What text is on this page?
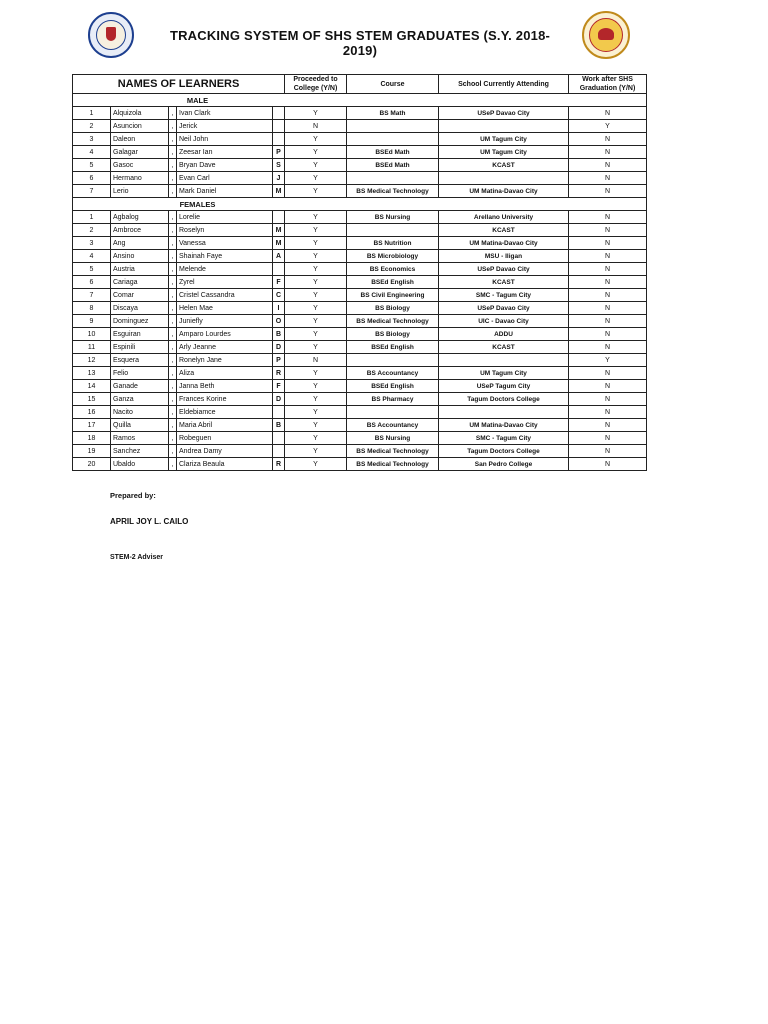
TRACKING SYSTEM OF SHS STEM GRADUATES (S.Y. 2018-2019)
NAMES OF LEARNERS					Proceeded to College (Y/N)	Course	School Currently Attending	Work after SHS Graduation (Y/N)
	MALE							
1	Alquizola	,	Ivan Clark		Y	BS Math	USeP Davao City	N
2	Asuncion	,	Jerick		N			Y
3	Daleon	,	Neil John		Y		UM Tagum City	N
4	Galagar	,	Zeesar Ian	P	Y	BSEd Math	UM Tagum City	N
5	Gasoc	,	Bryan Dave	S	Y	BSEd Math	KCAST	N
6	Hermano	,	Evan Carl	J	Y			N
7	Lerio	,	Mark Daniel	M	Y	BS Medical Technology	UM Matina-Davao City	N
	FEMALES							
1	Agbalog	,	Lorelie		Y	BS Nursing	Arellano University	N
2	Ambroce	,	Roselyn	M	Y		KCAST	N
3	Ang	,	Vanessa	M	Y	BS Nutrition	UM Matina-Davao City	N
4	Ansino	,	Shainah Faye	A	Y	BS Microbiology	MSU - Iligan	N
5	Austria	,	Melende		Y	BS Economics	USeP Davao City	N
6	Cariaga	,	Zyrel	F	Y	BSEd English	KCAST	N
7	Comar	,	Cristel Cassandra	C	Y	BS Civil Engineering	SMC - Tagum City	N
8	Discaya	,	Helen Mae	I	Y	BS Biology	USeP Davao City	N
9	Dominguez	,	Juniefly	O	Y	BS Medical Technology	UIC - Davao City	N
10	Esguiran	,	Amparo Lourdes	B	Y	BS Biology	ADDU	N
11	Espinili	,	Arly Jeanne	D	Y	BSEd English	KCAST	N
12	Esquera	,	Ronelyn Jane	P	N			Y
13	Felio	,	Aliza	R	Y	BS Accountancy	UM Tagum City	N
14	Ganade	,	Janna Beth	F	Y	BSEd English	USeP Tagum City	N
15	Ganza	,	Frances Korine	D	Y	BS Pharmacy	Tagum Doctors College	N
16	Nacito	,	Eldebiamce		Y			N
17	Quilla	,	Maria Abril	B	Y	BS Accountancy	UM Matina-Davao City	N
18	Ramos	,	Robeguen		Y	BS Nursing	SMC - Tagum City	N
19	Sanchez	,	Andrea Damy		Y	BS Medical Technology	Tagum Doctors College	N
20	Ubaldo	,	Clariza Beaula	R	Y	BS Medical Technology	San Pedro College	N
Prepared by:
APRIL JOY L. CAILO
STEM-2 Adviser
